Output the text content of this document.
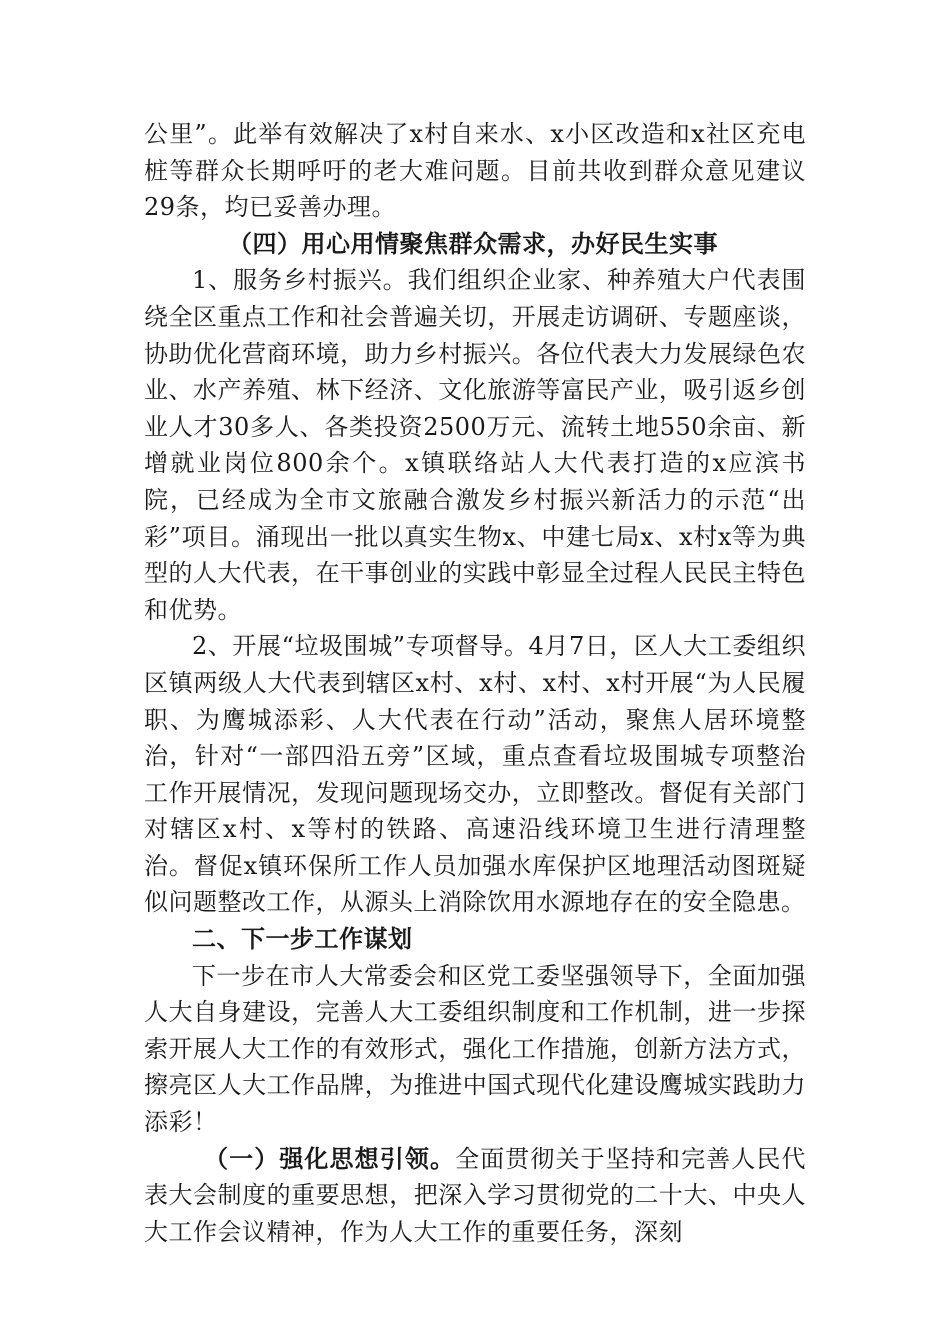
公里”。此举有效解决了x村自来水、x小区改造和x社区充电桩等群众长期呼吁的老大难问题。目前共收到群众意见建议29条，均已妥善办理。

（四）用心用情聚焦群众需求，办好民生实事

1、服务乡村振兴。我们组织企业家、种养殖大户代表围绕全区重点工作和社会普遍关切，开展走访调研、专题座谈，协助优化营商环境，助力乡村振兴。各位代表大力发展绿色农业、水产养殖、林下经济、文化旅游等富民产业，吸引返乡创业人才30多人、各类投资2500万元、流转土地550余亩、新增就业岗位800余个。x镇联络站人大代表打造的x应滨书院，已经成为全市文旅融合激发乡村振兴新活力的示范“出彩”项目。涌现出一批以真实生物x、中建七局x、x村x等为典型的人大代表，在干事创业的实践中彰显全过程人民民主特色和优势。

2、开展“垃圾围城”专项督导。4月7日，区人大工委组织区镇两级人大代表到辖区x村、x村、x村、x村开展“为人民履职、为鹰城添彩、人大代表在行动”活动，聚焦人居环境整治，针对“一部四沿五旁”区域，重点查看垃圾围城专项整治工作开展情况，发现问题现场交办，立即整改。督促有关部门对辖区x村、x等村的铁路、高速沿线环境卫生进行清理整治。督促x镇环保所工作人员加强水库保护区地理活动图斑疑似问题整改工作，从源头上消除饮用水源地存在的安全隐患。

二、下一步工作谋划

下一步在市人大常委会和区党工委坚强领导下，全面加强人大自身建设，完善人大工委组织制度和工作机制，进一步探索开展人大工作的有效形式，强化工作措施，创新方法方式，擦亮区人大工作品牌，为推进中国式现代化建设鹰城实践助力添彩！

（一）强化思想引领。全面贯彻关于坚持和完善人民代表大会制度的重要思想，把深入学习贯彻党的二十大、中央人大工作会议精神，作为人大工作的重要任务，深刻
